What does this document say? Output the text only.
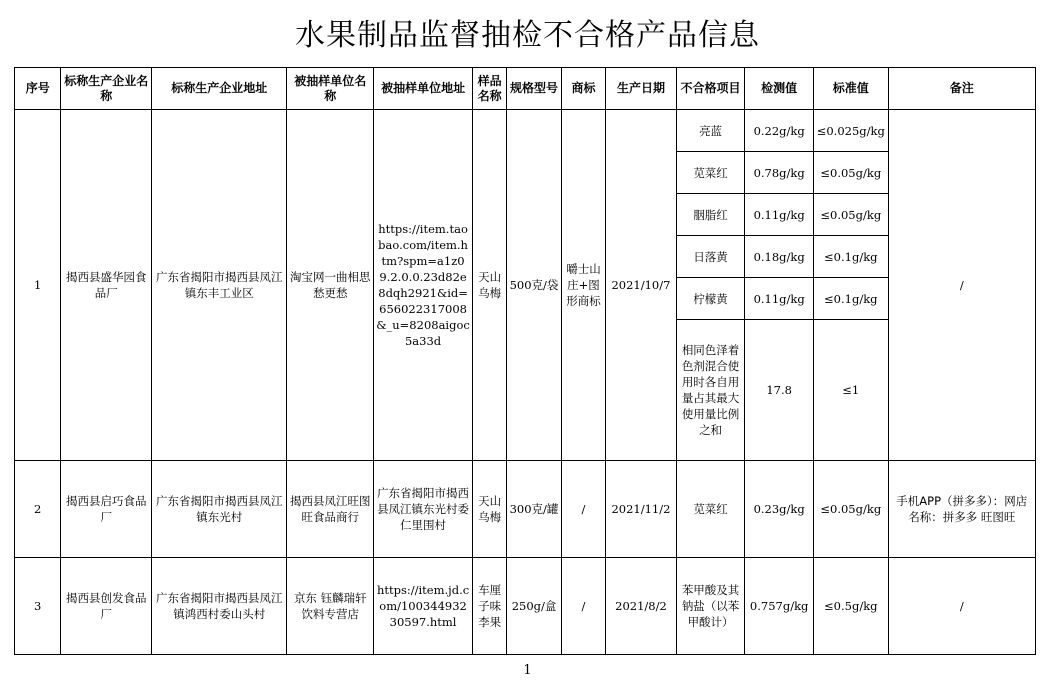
水果制品监督抽检不合格产品信息
序号	标称生产企业名称	标称生产企业地址	被抽样单位名称	被抽样单位地址	样品名称	规格型号	商标	生产日期	不合格项目	检测值	标准值	备注
1	揭西县盛华园食品厂	广东省揭阳市揭西县凤江镇东丰工业区	淘宝网一曲相思愁更愁	https://item.taobao.com/item.htm?spm=a1z09.2.0.0.23d82e8dqh2921&id=656022317008&_u=8208aigoc5a33d	天山乌梅	500克/袋	嚼士山庄+图形商标	2021/10/7	亮蓝	0.22g/kg	≤0.025g/kg	/
									苋菜红	0.78g/kg	≤0.05g/kg	
									胭脂红	0.11g/kg	≤0.05g/kg	
									日落黄	0.18g/kg	≤0.1g/kg	
									柠檬黄	0.11g/kg	≤0.1g/kg	
									相同色泽着色剂混合使用时各自用量占其最大使用量比例之和	17.8	≤1	
2	揭西县启巧食品厂	广东省揭阳市揭西县凤江镇东光村	揭西县凤江旺图旺食品商行	广东省揭阳市揭西县凤江镇东光村委仁里围村	天山乌梅	300克/罐	/	2021/11/2	苋菜红	0.23g/kg	≤0.05g/kg	手机APP（拼多多）：网店名称：拼多多 旺图旺
3	揭西县创发食品厂	广东省揭阳市揭西县凤江镇鸿西村委山头村	京东 钰麟瑞轩饮料专营店	https://item.jd.com/10034493230597.html	车厘子味李果	250g/盒	/	2021/8/2	苯甲酸及其钠盐（以苯甲酸计）	0.757g/kg	≤0.5g/kg	/
1
